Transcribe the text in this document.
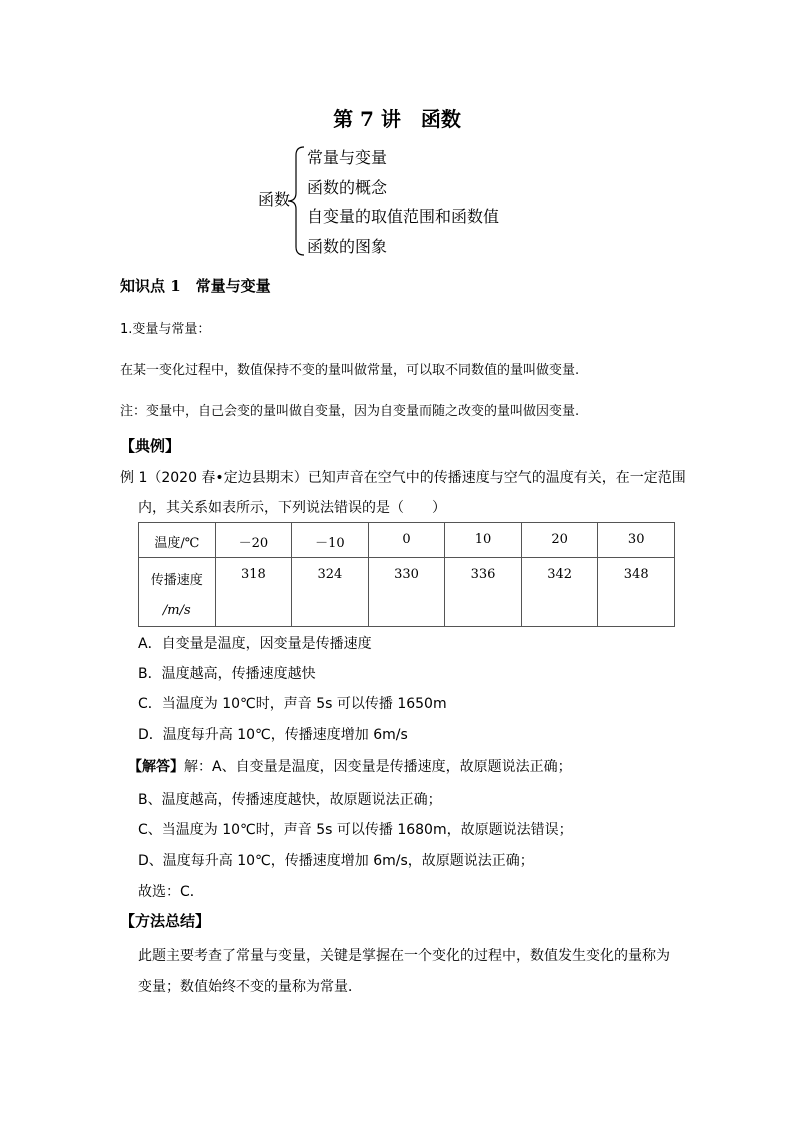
第 7 讲　函数
函数
常量与变量
函数的概念
自变量的取值范围和函数值
函数的图象
知识点 1　常量与变量
1.变量与常量：
在某一变化过程中，数值保持不变的量叫做常量，可以取不同数值的量叫做变量.
注：变量中，自己会变的量叫做自变量，因为自变量而随之改变的量叫做因变量.
【典例】
例 1（2020 春•定边县期末）已知声音在空气中的传播速度与空气的温度有关，在一定范围
内，其关系如表所示，下列说法错误的是（　　）
温度/℃	－20	－10	0	10	20	30

传播速度
/m/s	318	324	330	336	342	348
A．自变量是温度，因变量是传播速度
B．温度越高，传播速度越快
C．当温度为 10℃时，声音 5s 可以传播 1650m
D．温度每升高 10℃，传播速度增加 6m/s
【解答】解：A、自变量是温度，因变量是传播速度，故原题说法正确；
B、温度越高，传播速度越快，故原题说法正确；
C、当温度为 10℃时，声音 5s 可以传播 1680m，故原题说法错误；
D、温度每升高 10℃，传播速度增加 6m/s，故原题说法正确；
故选：C．
【方法总结】
此题主要考查了常量与变量，关键是掌握在一个变化的过程中，数值发生变化的量称为
变量；数值始终不变的量称为常量．
